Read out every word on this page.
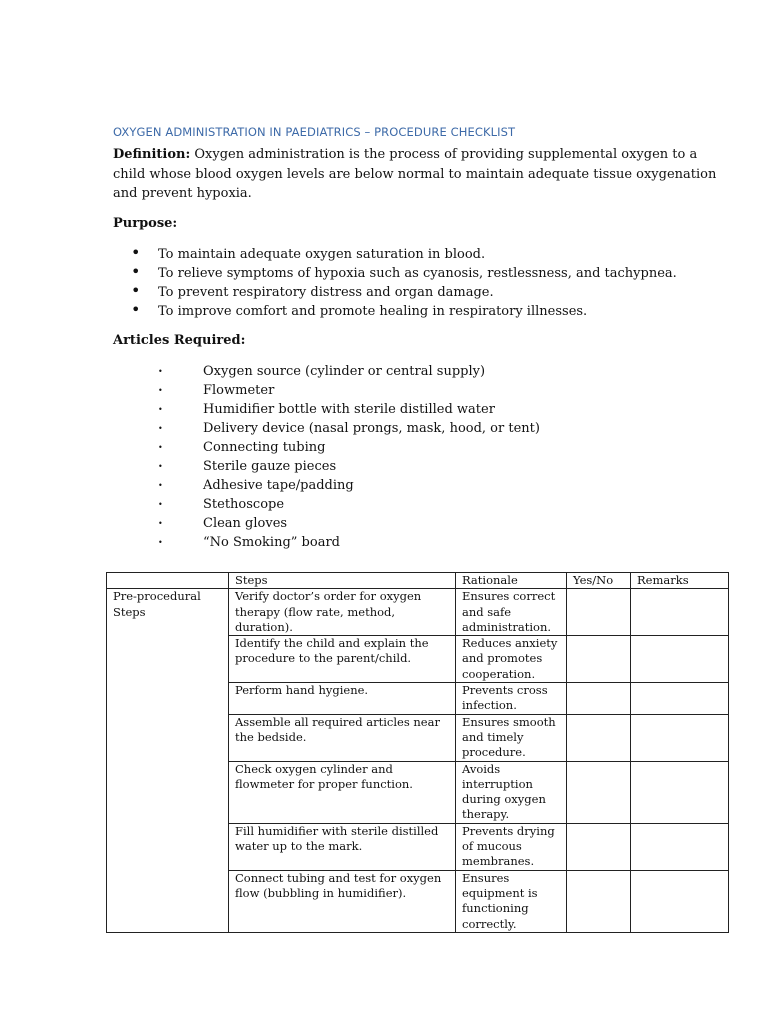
OXYGEN ADMINISTRATION IN PAEDIATRICS – PROCEDURE CHECKLIST

Definition: Oxygen administration is the process of providing supplemental oxygen to a child whose blood oxygen levels are below normal to maintain adequate tissue oxygenation and prevent hypoxia.

Purpose:
• To maintain adequate oxygen saturation in blood.
• To relieve symptoms of hypoxia such as cyanosis, restlessness, and tachypnea.
• To prevent respiratory distress and organ damage.
• To improve comfort and promote healing in respiratory illnesses.
Articles Required:
• Oxygen source (cylinder or central supply)
• Flowmeter
• Humidifier bottle with sterile distilled water
• Delivery device (nasal prongs, mask, hood, or tent)
• Connecting tubing
• Sterile gauze pieces
• Adhesive tape/padding
• Stethoscope
• Clean gloves
• “No Smoking” board
	Steps	Rationale	Yes/No	Remarks
Pre-procedural Steps	Verify doctor’s order for oxygen therapy (flow rate, method, duration).	Ensures correct and safe administration.		
	Identify the child and explain the procedure to the parent/child.	Reduces anxiety and promotes cooperation.		
	Perform hand hygiene.	Prevents cross infection.		
	Assemble all required articles near the bedside.	Ensures smooth and timely procedure.		
	Check oxygen cylinder and flowmeter for proper function.	Avoids interruption during oxygen therapy.		
	Fill humidifier with sterile distilled water up to the mark.	Prevents drying of mucous membranes.		
	Connect tubing and test for oxygen flow (bubbling in humidifier).	Ensures equipment is functioning correctly.		
